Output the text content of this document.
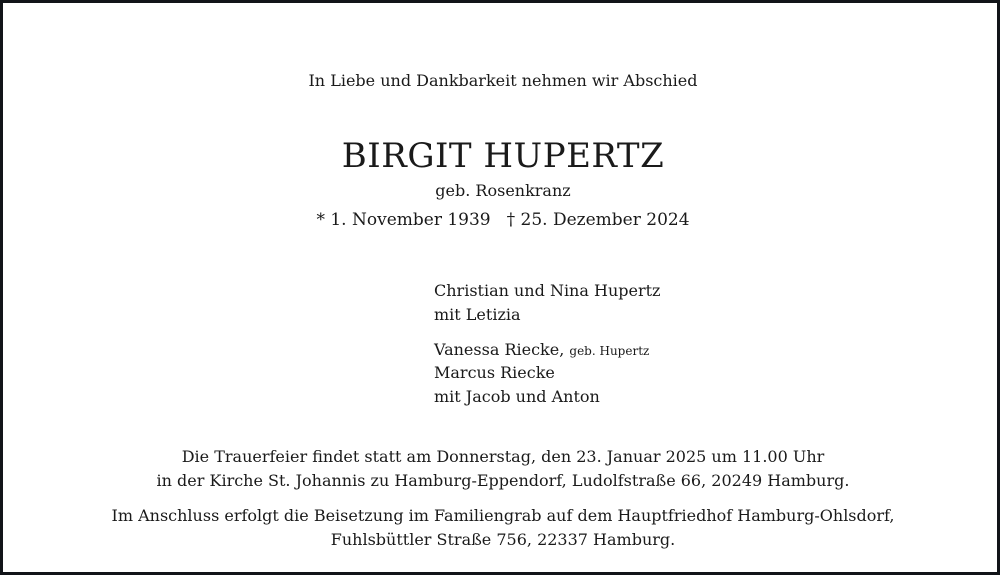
In Liebe und Dankbarkeit nehmen wir Abschied
BIRGIT HUPERTZ
geb. Rosenkranz
* 1. November 1939 † 25. Dezember 2024
Christian und Nina Hupertz
mit Letizia
Vanessa Riecke, geb. Hupertz
Marcus Riecke
mit Jacob und Anton
Die Trauerfeier findet statt am Donnerstag, den 23. Januar 2025 um 11.00 Uhr
in der Kirche St. Johannis zu Hamburg-Eppendorf, Ludolfstraße 66, 20249 Hamburg.
Im Anschluss erfolgt die Beisetzung im Familiengrab auf dem Hauptfriedhof Hamburg-Ohlsdorf,
Fuhlsbüttler Straße 756, 22337 Hamburg.
